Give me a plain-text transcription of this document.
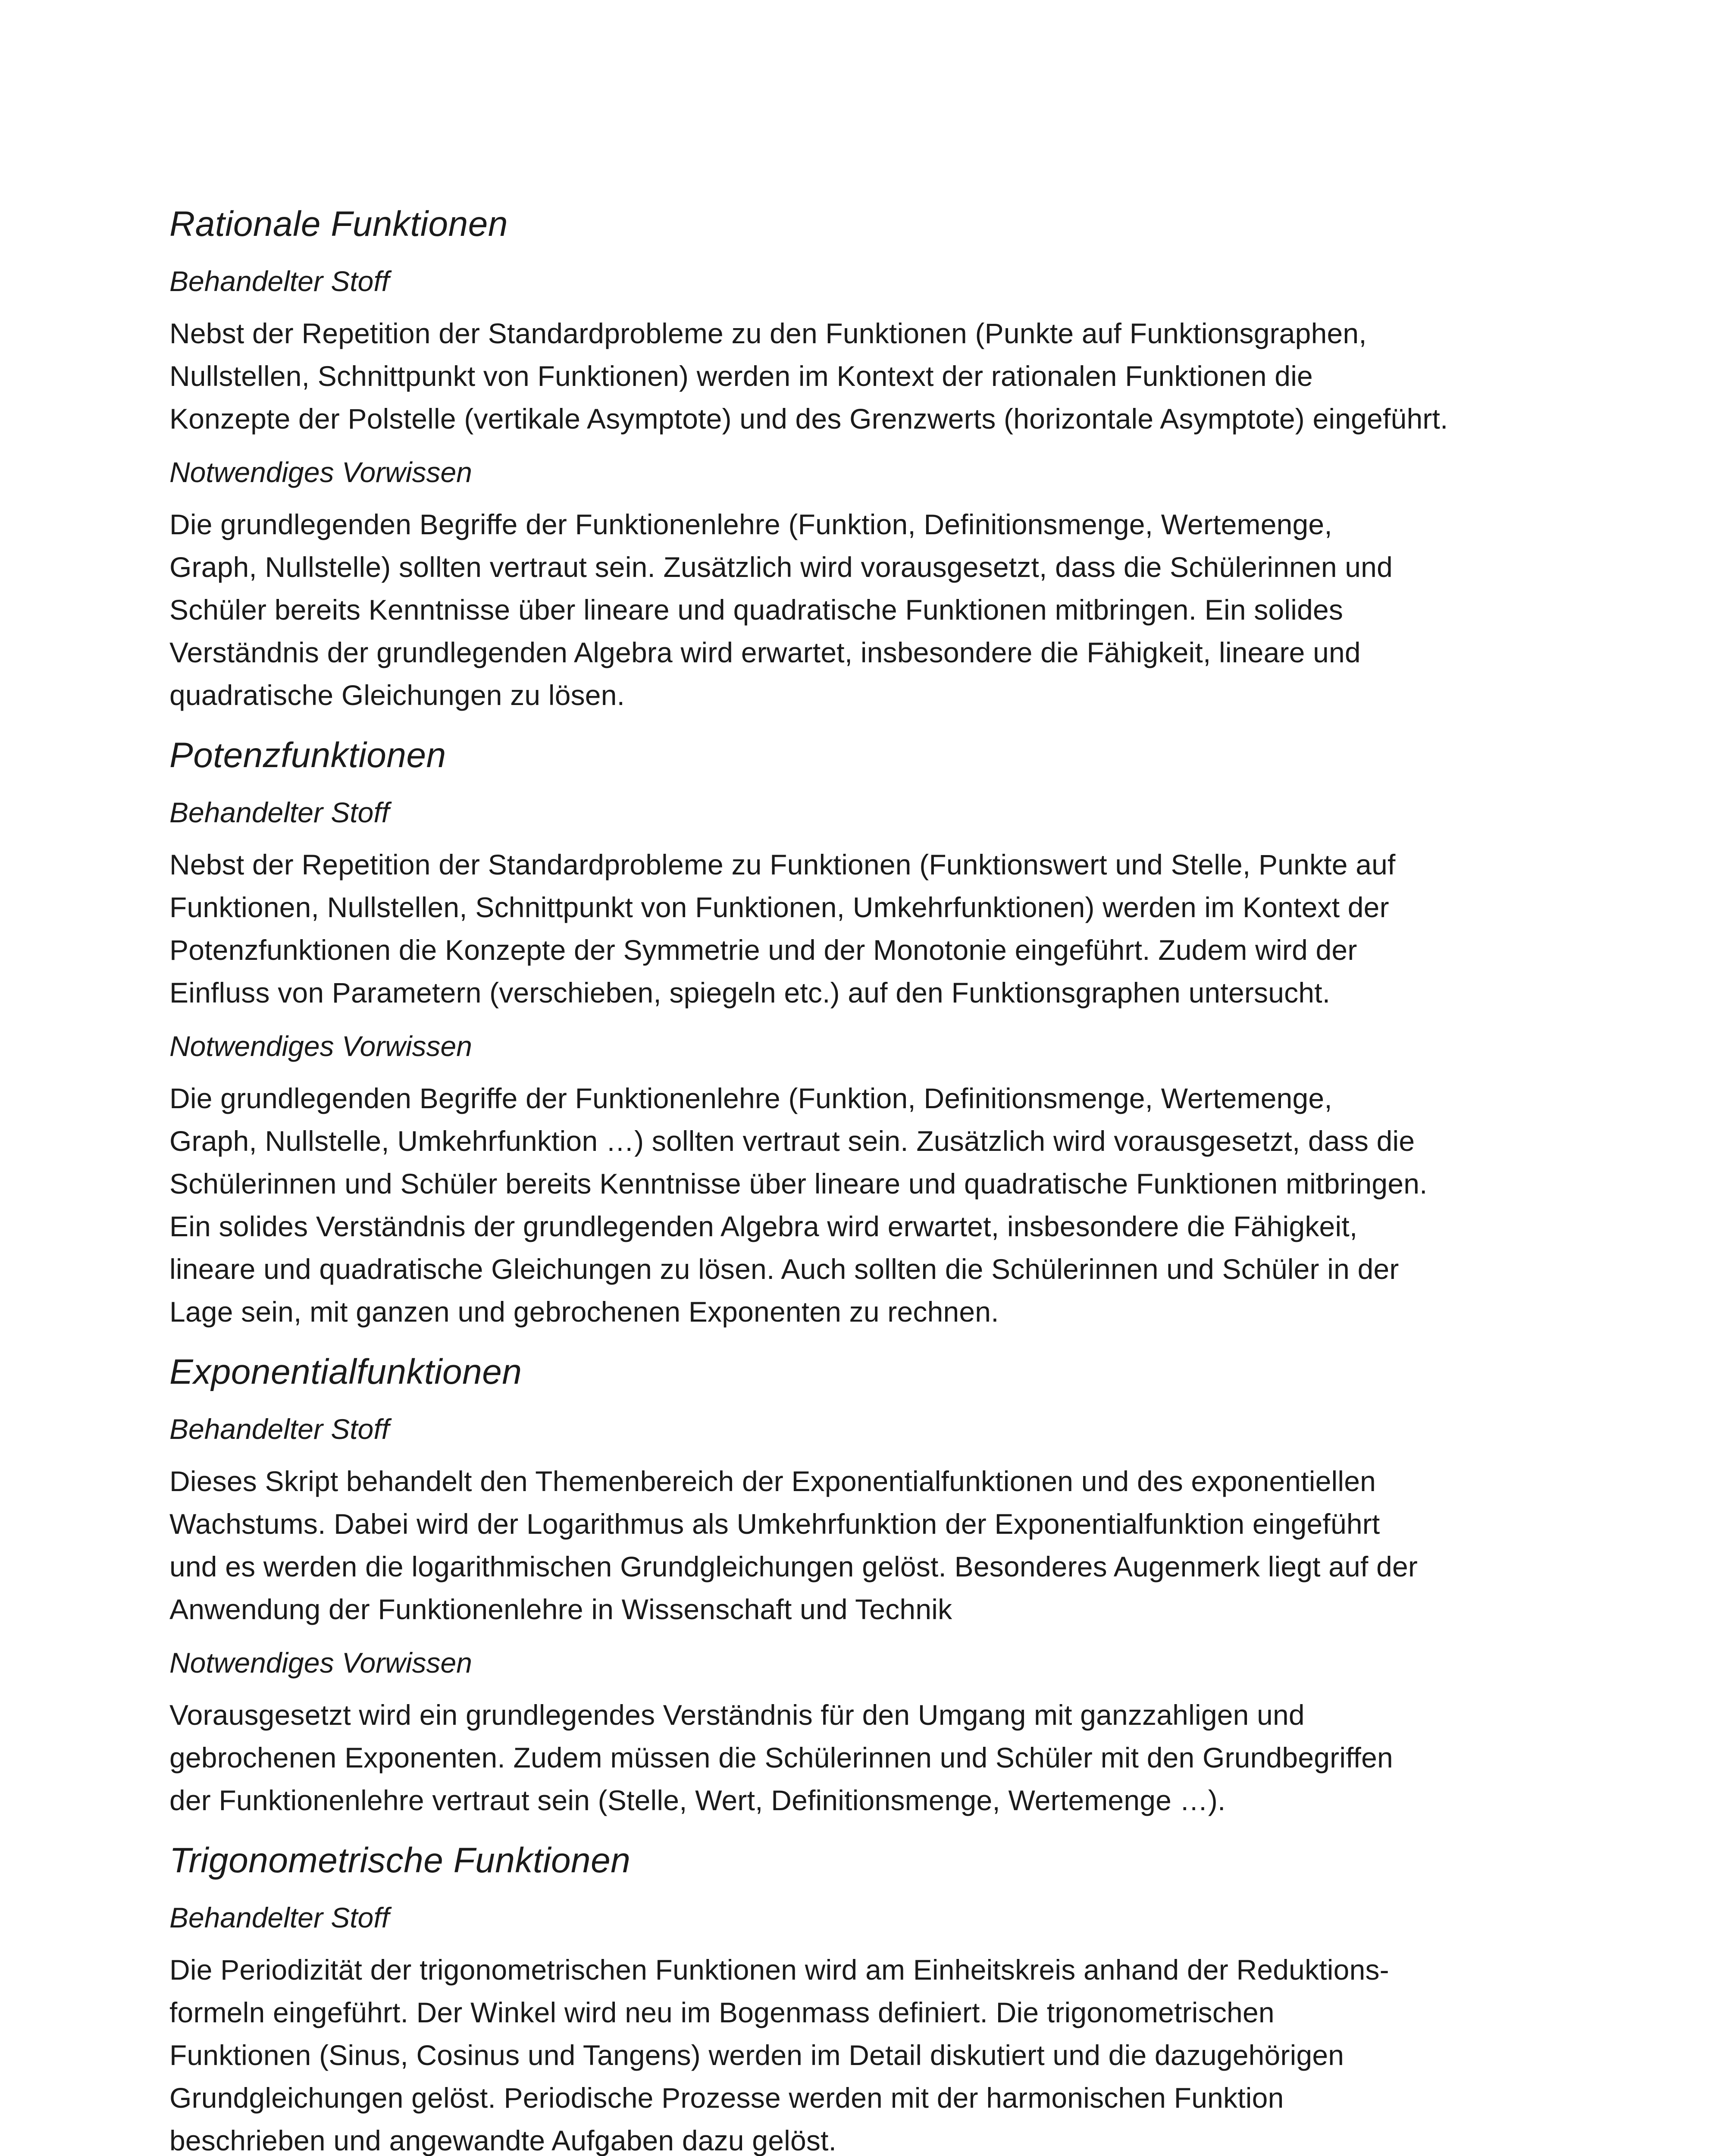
Rationale Funktionen
Behandelter Stoff

Nebst der Repetition der Standardprobleme zu den Funktionen (Punkte auf Funktionsgraphen,
Nullstellen, Schnittpunkt von Funktionen) werden im Kontext der rationalen Funktionen die
Konzepte der Polstelle (vertikale Asymptote) und des Grenzwerts (horizontale Asymptote) eingeführt.

Notwendiges Vorwissen

Die grundlegenden Begriffe der Funktionenlehre (Funktion, Definitionsmenge, Wertemenge,
Graph, Nullstelle) sollten vertraut sein. Zusätzlich wird vorausgesetzt, dass die Schülerinnen und
Schüler bereits Kenntnisse über lineare und quadratische Funktionen mitbringen. Ein solides
Verständnis der grundlegenden Algebra wird erwartet, insbesondere die Fähigkeit, lineare und
quadratische Gleichungen zu lösen.

Potenzfunktionen
Behandelter Stoff

Nebst der Repetition der Standardprobleme zu Funktionen (Funktionswert und Stelle, Punkte auf
Funktionen, Nullstellen, Schnittpunkt von Funktionen, Umkehrfunktionen) werden im Kontext der
Potenzfunktionen die Konzepte der Symmetrie und der Monotonie eingeführt. Zudem wird der
Einfluss von Parametern (verschieben, spiegeln etc.) auf den Funktionsgraphen untersucht.

Notwendiges Vorwissen

Die grundlegenden Begriffe der Funktionenlehre (Funktion, Definitionsmenge, Wertemenge,
Graph, Nullstelle, Umkehrfunktion …) sollten vertraut sein. Zusätzlich wird vorausgesetzt, dass die
Schülerinnen und Schüler bereits Kenntnisse über lineare und quadratische Funktionen mitbringen.
Ein solides Verständnis der grundlegenden Algebra wird erwartet, insbesondere die Fähigkeit,
lineare und quadratische Gleichungen zu lösen. Auch sollten die Schülerinnen und Schüler in der
Lage sein, mit ganzen und gebrochenen Exponenten zu rechnen.

Exponentialfunktionen
Behandelter Stoff

Dieses Skript behandelt den Themenbereich der Exponentialfunktionen und des exponentiellen
Wachstums. Dabei wird der Logarithmus als Umkehrfunktion der Exponentialfunktion eingeführt
und es werden die logarithmischen Grundgleichungen gelöst. Besonderes Augenmerk liegt auf der
Anwendung der Funktionenlehre in Wissenschaft und Technik

Notwendiges Vorwissen

Vorausgesetzt wird ein grundlegendes Verständnis für den Umgang mit ganzzahligen und
gebrochenen Exponenten. Zudem müssen die Schülerinnen und Schüler mit den Grundbegriffen
der Funktionenlehre vertraut sein (Stelle, Wert, Definitionsmenge, Wertemenge …).

Trigonometrische Funktionen
Behandelter Stoff

Die Periodizität der trigonometrischen Funktionen wird am Einheitskreis anhand der Reduktions-
formeln eingeführt. Der Winkel wird neu im Bogenmass definiert. Die trigonometrischen
Funktionen (Sinus, Cosinus und Tangens) werden im Detail diskutiert und die dazugehörigen
Grundgleichungen gelöst. Periodische Prozesse werden mit der harmonischen Funktion
beschrieben und angewandte Aufgaben dazu gelöst.
